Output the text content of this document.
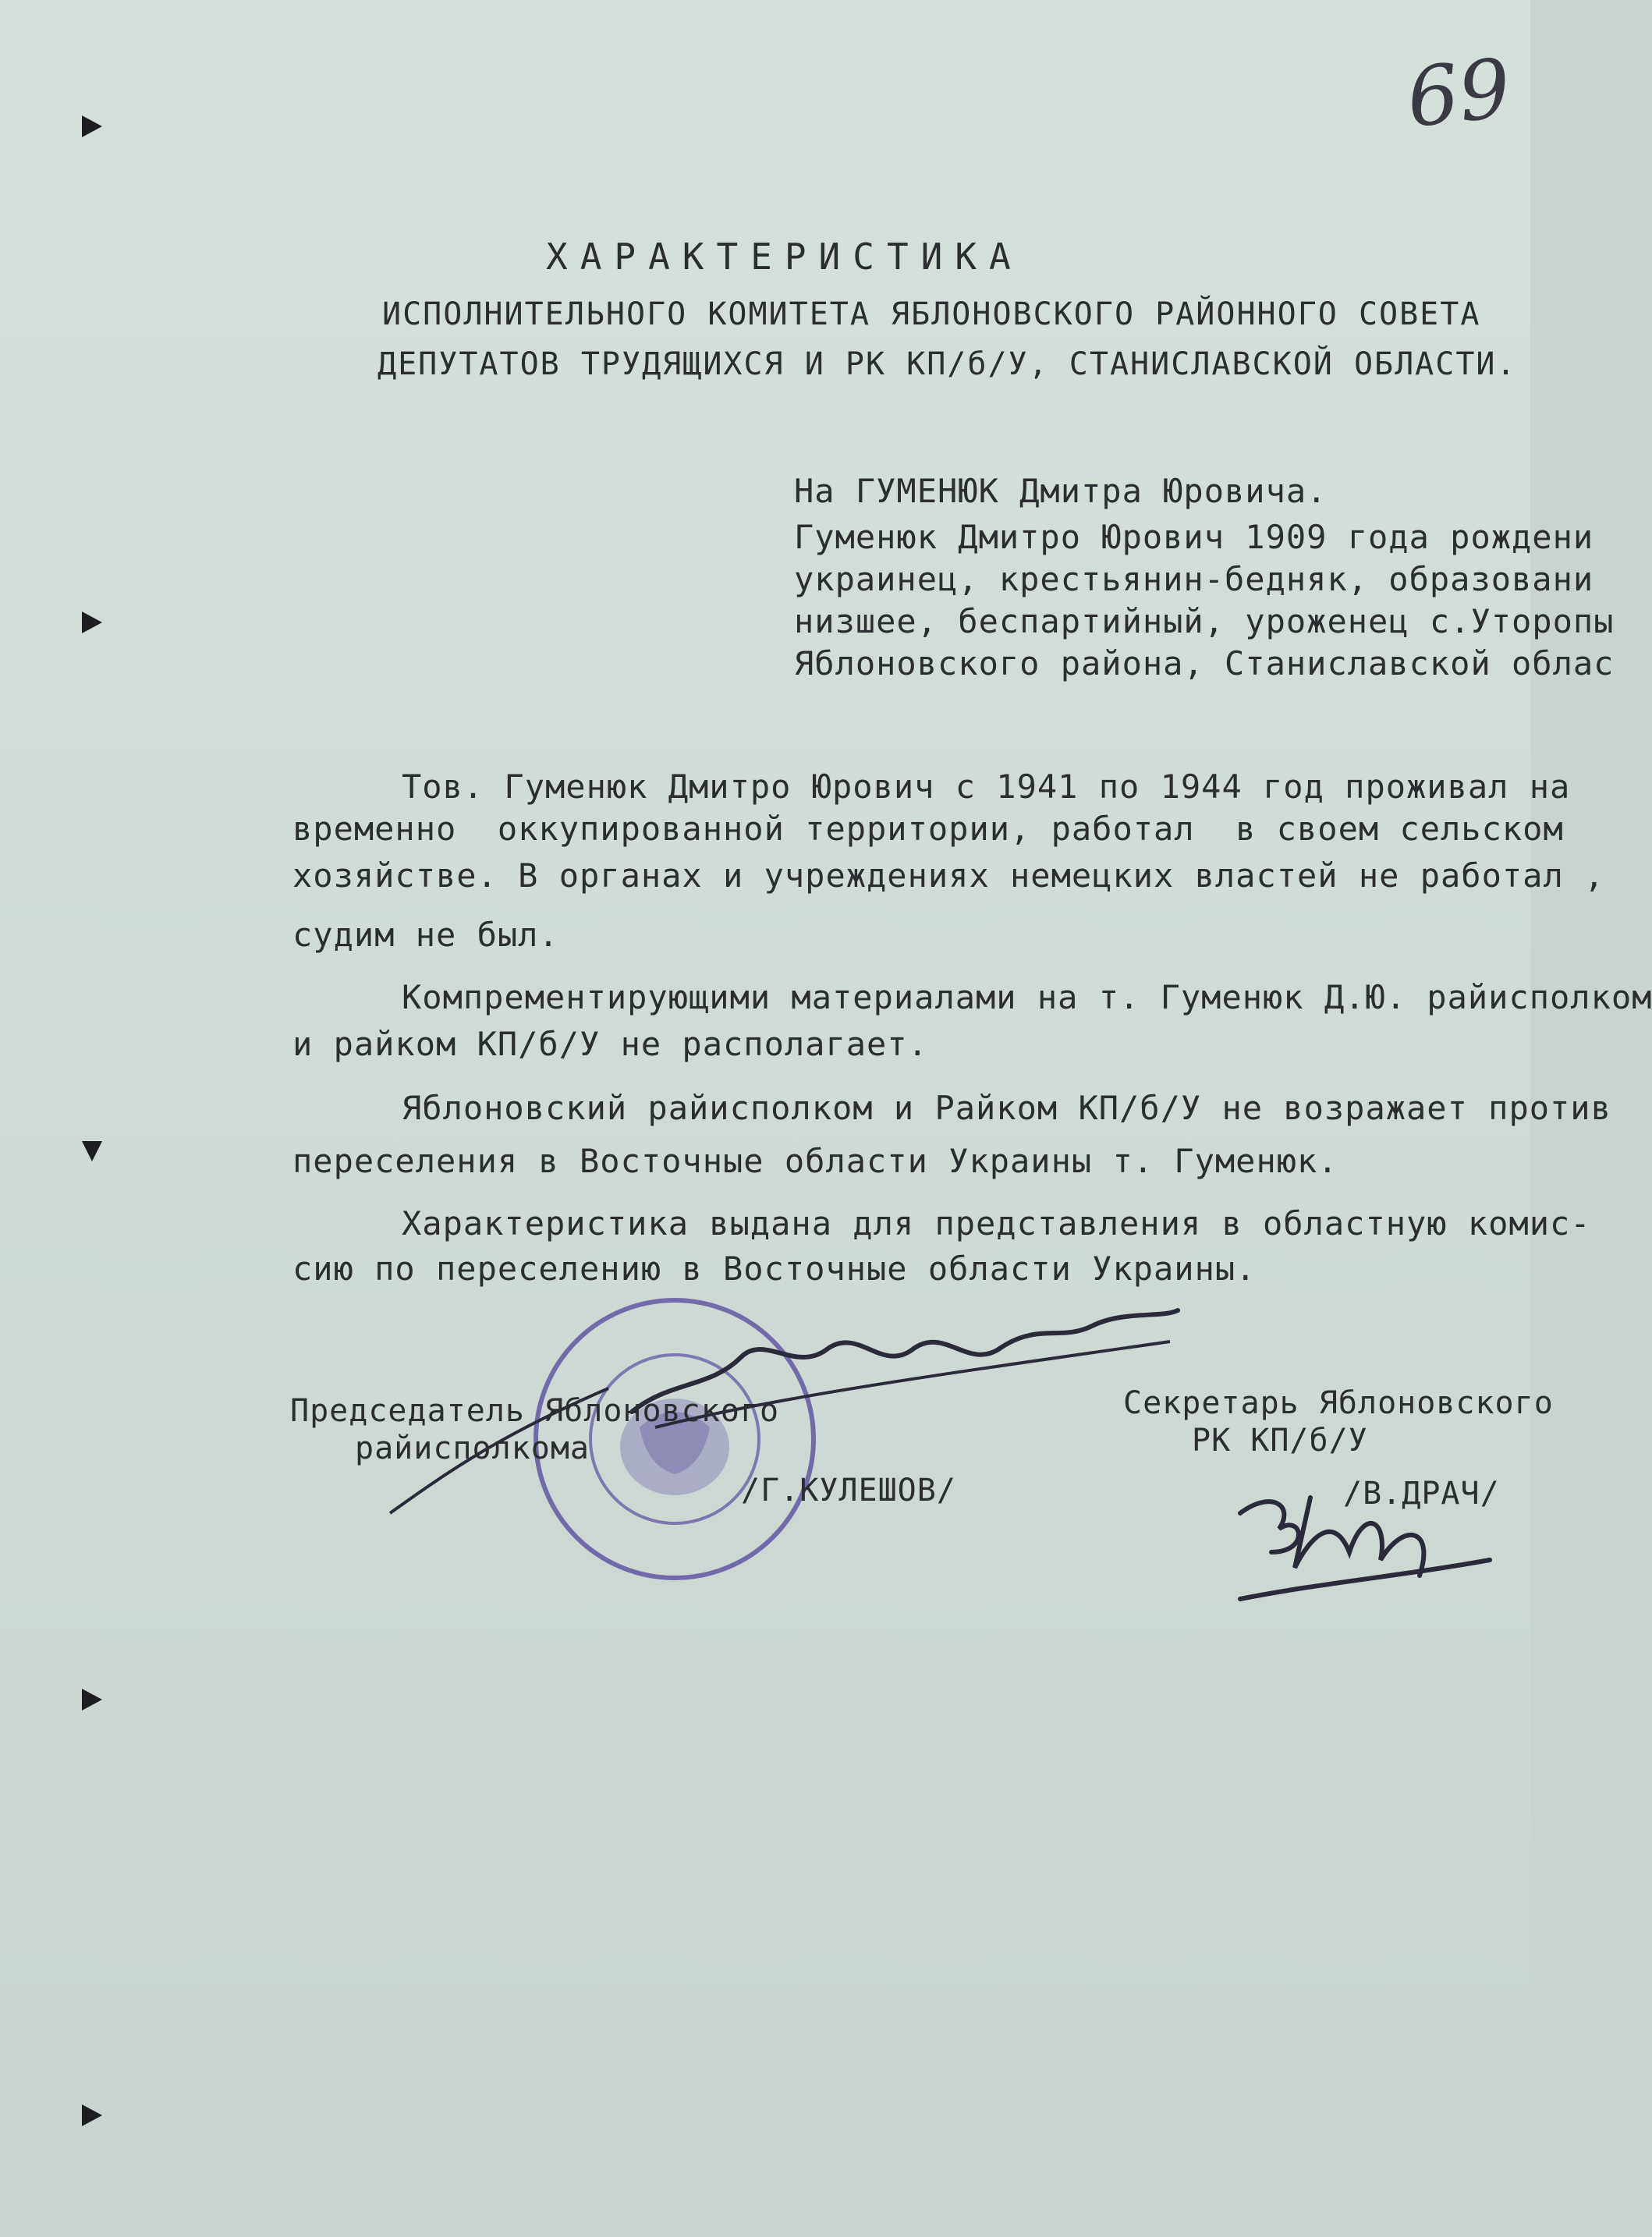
69
ХАРАКТЕРИСТИКА
ИСПОЛНИТЕЛЬНОГО КОМИТЕТА ЯБЛОНОВСКОГО РАЙОННОГО СОВЕТА
ДЕПУТАТОВ ТРУДЯЩИХСЯ И РК КП/б/У, СТАНИСЛАВСКОЙ ОБЛАСТИ.
На ГУМЕНЮК Дмитра Юровича.
Гуменюк Дмитро Юрович 1909 года рождени
украинец, крестьянин-бедняк, образовани
низшее, беспартийный, уроженец с.Уторопы
Яблоновского района, Станиславской облас
Тов. Гуменюк Дмитро Юрович с 1941 по 1944 год проживал на
временно  оккупированной территории, работал  в своем сельском
хозяйстве. В органах и учреждениях немецких властей не работал ,
судим не был.
Компрементирующими материалами на т. Гуменюк Д.Ю. райисполком
и райком КП/б/У не располагает.
Яблоновский райисполком и Райком КП/б/У не возражает против
переселения в Восточные области Украины т. Гуменюк.
Характеристика выдана для представления в областную комис-
сию по переселению в Восточные области Украины.
Председатель Яблоновского
райисполкома
/Г.КУЛЕШОВ/
Секретарь Яблоновского
РК КП/б/У
/В.ДРАЧ/
